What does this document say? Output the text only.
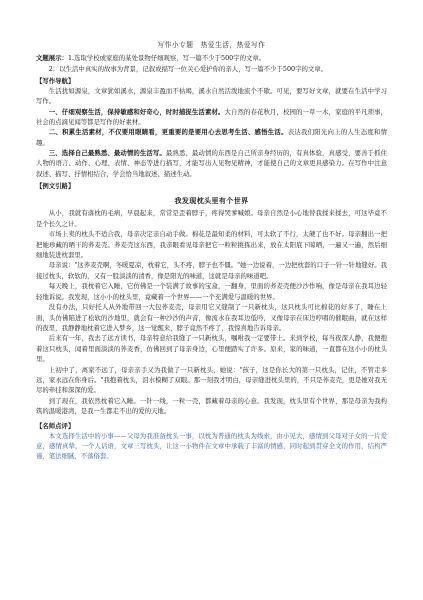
写作小专题　热爱生活，热爱写作

文题展示：1.选取学校或家庭的某处景物仔细观察，写一篇不少于500字的文章。

2．以生活中真实的故事为背景，记叙或描写一位关心爱护你的亲人，写一篇不少于500字的文章。

【写作导航】

生活犹如源泉，文章犹如溪水，源泉丰盈而不枯竭，溪水自然活泼地流个不歇。可见，要写好文章，就要在生活中学习写作。

一、仔细观察生活，保持敏感和好奇心，时时捕捉生活素材。大自然的春花秋月，校园的一草一木，家庭的平凡琐事，社会的点滴见闻等都是写作的好素材。

二、积累生活素材，不仅要用眼睛看，更重要的是要用心去思考生活、感悟生活。表达我们阳光向上的人生态度和情趣。

三、选择自己最熟悉、最动情的生活写。最熟悉、最动情的东西是自己所亲身经历的，有真体验，真感受，要善于抓住人物的语言、动作、心理、表情、神态等进行描写，才能写出人见物见精神，才能使自己的文章更具感染力。在写作中注意叙述、描写、抒情相结合，学会恰当地叙述、描述生动。

【例文引路】

我发现枕头里有个世界

从小，我就有落枕的毛病，早晨起来，常常是歪着脖子，疼得哭爹喊娘。母亲自然是小心地替我揉来揉去，可这毕竟不是个长久之计。

市场上卖的枕头不适合我，母亲决定亲自动手做。棉花是最知柔的材料，可太软了不行，太硬了也不好。母亲翻出一把把她珍藏的晒干的荞麦壳。荞麦壳这东西，我亲眼看见母亲把它一粒粒挑拣出来，放在太阳底下晾晒，一遍又一遍，然后细细地装进枕套里。

母亲说："这荞麦壳啊，冬暖夏凉，枕着它，头不疼，脖子也不僵。"她一边说着，一边把枕套的口子一针一针地缝好。我接过枕头，软软的，又有一股淡淡的清香，像是阳光的味道，这就是母亲的味道吧。

每天晚上，我枕着它入睡，它仿佛是一个装满了故事的宝盒，一翻身，里面的荞麦壳便沙沙作响，像是母亲在我耳边轻轻地诉说。我发现，这小小的枕头里，竟藏着一个世界——一个充满爱与温暖的世界。

没有办法，只好托人从外地带回一大包荞麦壳，母亲用它又缝制了一只新枕头，这只枕头可比棉花的好多了，睡在上面，头仿佛陷进了松软的沙地里，就会有一种沙沙的声音，像流水在我耳边低吟，又像母亲在床边哼唱的催眠曲，就在这样的夜里，我静静地枕着它进入梦乡，这一觉醒来，脖子竟然不疼了，我惊喜地告诉母亲。

后来有一年，我去了远方读书，母亲特意给我缝了一只新枕头，嘱咐我一定要带上。来到学校，每当夜深人静，我便抱着这只枕头，闻着里面淡淡的荞麦香，仿佛回到了母亲身边，心里便踏实了许多。原来，家的味道，一直都在这小小的枕头里。

上初中了，离家不远了，母亲亲手又为我做了一只新枕头，她说："孩子，这是你长大的第一只枕头，记住，不管走多远，家永远在你身后。"我抱着枕头，泪水模糊了双眼。那一刻我才明白，母亲缝进枕头里的，不只是荞麦壳，更是她对我无尽的牵挂和深深的爱。

到了现在，我依然枕着它入睡。一针一线，一粒一壳，都藏着母亲的心意。我发现，枕头里有个世界，那是母亲为我构筑的温暖港湾，是我一生都走不出的爱的天地。

【名师点评】

本文选择生活中的小事——父母为我准备枕头一事，以枕为普通的枕头为线索，由小见大，感情到父母对子女的一片爱意，感情真挚，一个人话语，文章三写枕头，让这一小物件在文章中承载了丰富的情感，同时起到贯穿全文的作用，结构严谨，笔法细腻，不落俗套。
